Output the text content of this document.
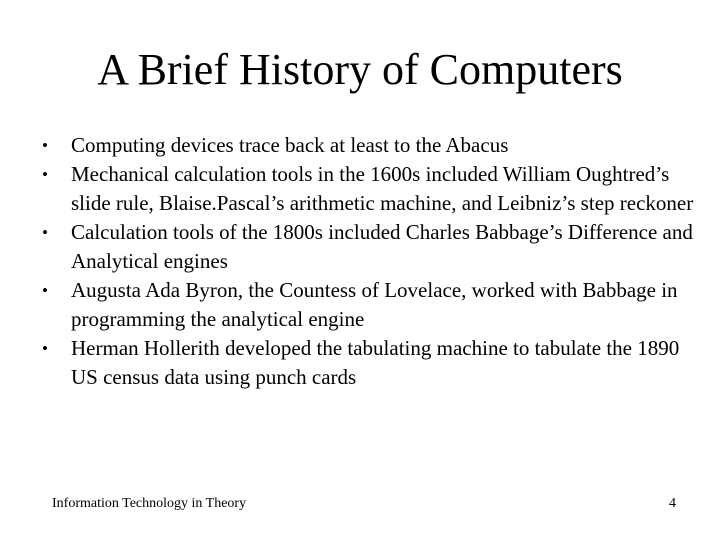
A Brief History of Computers
• Computing devices trace back at least to the Abacus
• Mechanical calculation tools in the 1600s included William Oughtred’s slide rule, Blaise.Pascal’s arithmetic machine, and Leibniz’s step reckoner
• Calculation tools of the 1800s included Charles Babbage’s Difference and Analytical engines
• Augusta Ada Byron, the Countess of Lovelace, worked with Babbage in programming the analytical engine
• Herman Hollerith developed the tabulating machine to tabulate the 1890 US census data using punch cards
Information Technology in Theory	4
